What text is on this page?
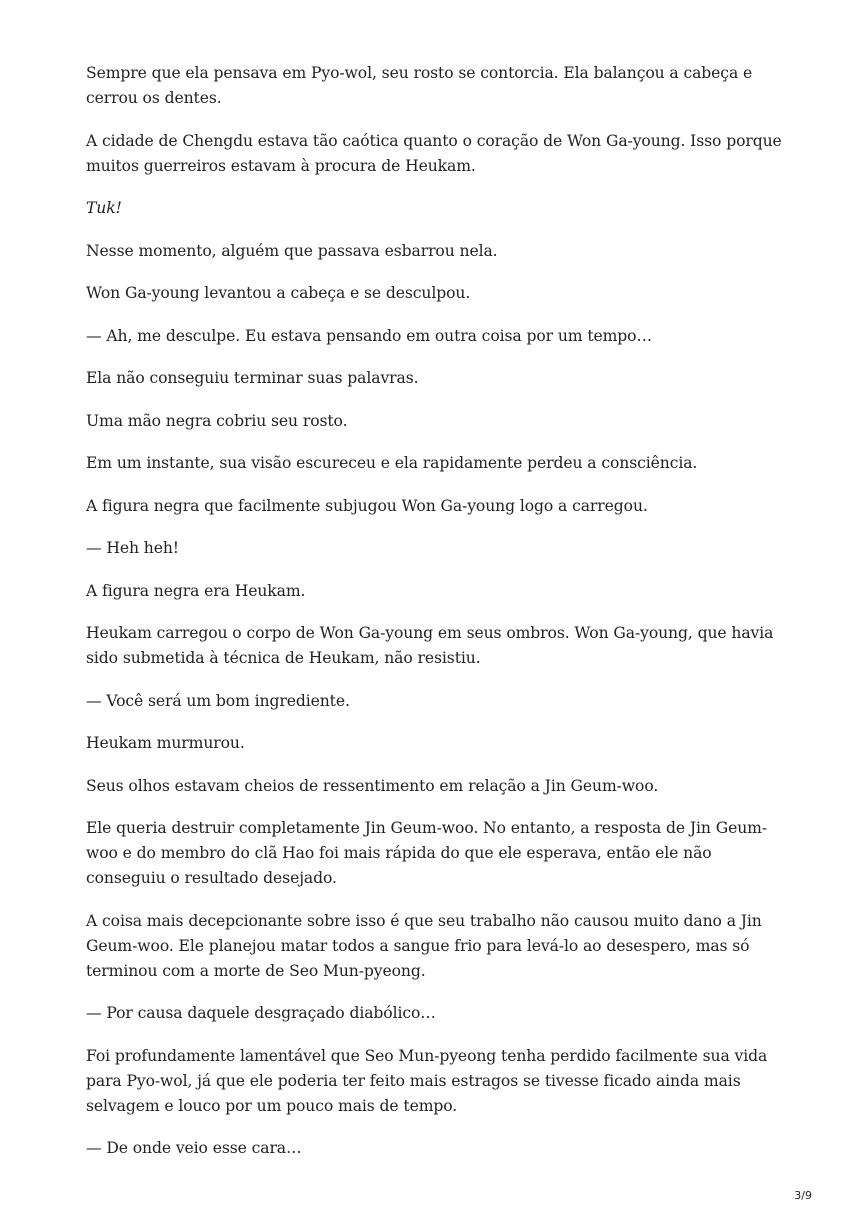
Sempre que ela pensava em Pyo-wol, seu rosto se contorcia. Ela balançou a cabeça e cerrou os dentes.

A cidade de Chengdu estava tão caótica quanto o coração de Won Ga-young. Isso porque muitos guerreiros estavam à procura de Heukam.

Tuk!

Nesse momento, alguém que passava esbarrou nela.

Won Ga-young levantou a cabeça e se desculpou.

— Ah, me desculpe. Eu estava pensando em outra coisa por um tempo…

Ela não conseguiu terminar suas palavras.

Uma mão negra cobriu seu rosto.

Em um instante, sua visão escureceu e ela rapidamente perdeu a consciência.

A figura negra que facilmente subjugou Won Ga-young logo a carregou.

— Heh heh!

A figura negra era Heukam.

Heukam carregou o corpo de Won Ga-young em seus ombros. Won Ga-young, que havia sido submetida à técnica de Heukam, não resistiu.

— Você será um bom ingrediente.

Heukam murmurou.

Seus olhos estavam cheios de ressentimento em relação a Jin Geum-woo.

Ele queria destruir completamente Jin Geum-woo. No entanto, a resposta de Jin Geum-woo e do membro do clã Hao foi mais rápida do que ele esperava, então ele não conseguiu o resultado desejado.

A coisa mais decepcionante sobre isso é que seu trabalho não causou muito dano a Jin Geum-woo. Ele planejou matar todos a sangue frio para levá-lo ao desespero, mas só terminou com a morte de Seo Mun-pyeong.

— Por causa daquele desgraçado diabólico…

Foi profundamente lamentável que Seo Mun-pyeong tenha perdido facilmente sua vida para Pyo-wol, já que ele poderia ter feito mais estragos se tivesse ficado ainda mais selvagem e louco por um pouco mais de tempo.

— De onde veio esse cara…

3/9
